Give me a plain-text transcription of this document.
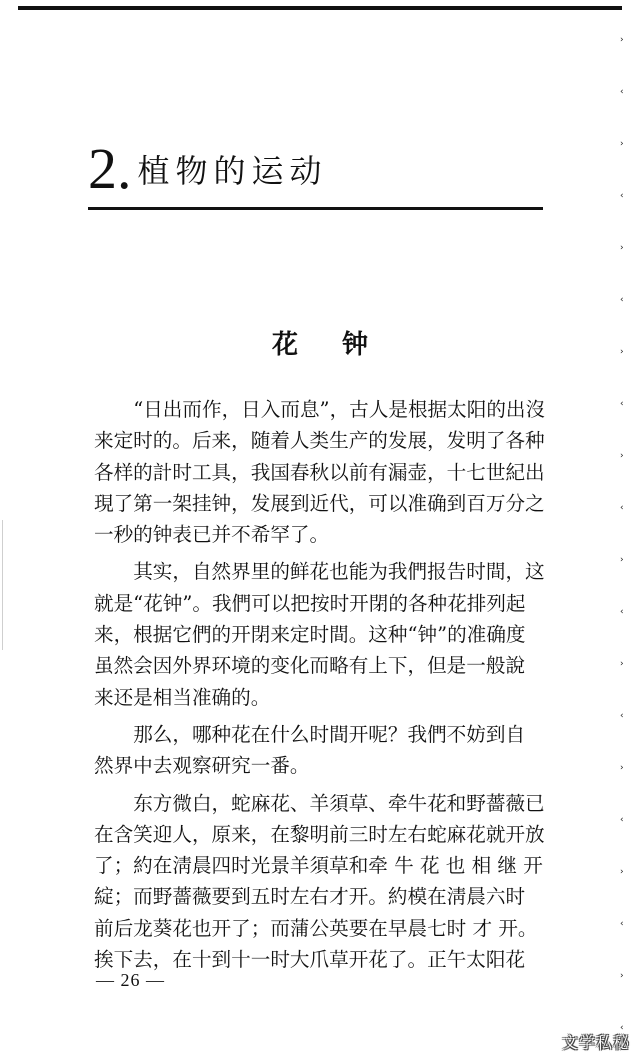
2. 植物的运动
花钟

“日出而作，日入而息”，古人是根据太阳的出沒
来定时的。后来，随着人类生产的发展，发明了各种
各样的計时工具，我国春秋以前有漏壶，十七世紀出
現了第一架挂钟，发展到近代，可以准确到百万分之
一秒的钟表已并不希罕了。

其实，自然界里的鲜花也能为我們报告时間，这
就是“花钟”。我們可以把按时开閉的各种花排列起
来，根据它們的开閉来定时間。这种“钟”的准确度
虽然会因外界环境的变化而略有上下，但是一般說
来还是相当准确的。

那么，哪种花在什么时間开呢？我們不妨到自
然界中去观察研究一番。

东方微白，蛇麻花、羊須草、牵牛花和野薔薇已
在含笑迎人，原来，在黎明前三时左右蛇麻花就开放
了；約在淸晨四时光景羊須草和牵 牛 花 也 相 继 开
綻；而野薔薇要到五时左右才开。約模在淸晨六时
前后龙葵花也开了；而蒲公英要在早晨七时 才 开。
挨下去，在十到十一时大爪草开花了。正午太阳花

— 26 —
›
‹
›
‹
›
‹
›
‹
›
‹
›
‹
›
‹
›
‹
›
‹
›
‹
文学私秘
